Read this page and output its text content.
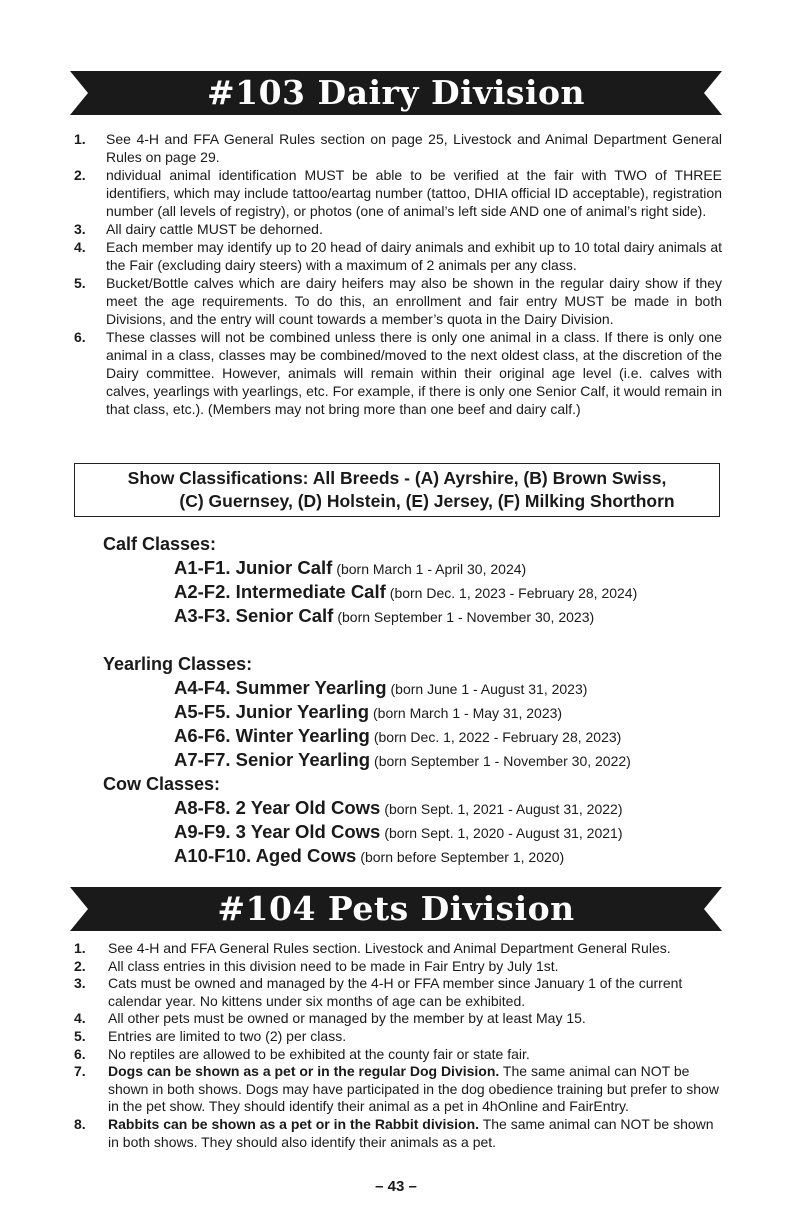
#103 Dairy Division
1. See 4-H and FFA General Rules section on page 25, Livestock and Animal Department General Rules on page 29.
2. ndividual animal identification MUST be able to be verified at the fair with TWO of THREE identifiers, which may include tattoo/eartag number (tattoo, DHIA official ID acceptable), registration number (all levels of registry), or photos (one of animal’s left side AND one of animal’s right side).
3. All dairy cattle MUST be dehorned.
4. Each member may identify up to 20 head of dairy animals and exhibit up to 10 total dairy animals at the Fair (excluding dairy steers) with a maximum of 2 animals per any class.
5. Bucket/Bottle calves which are dairy heifers may also be shown in the regular dairy show if they meet the age requirements. To do this, an enrollment and fair entry MUST be made in both Divisions, and the entry will count towards a member’s quota in the Dairy Division.
6. These classes will not be combined unless there is only one animal in a class. If there is only one animal in a class, classes may be combined/moved to the next oldest class, at the discretion of the Dairy committee. However, animals will remain within their original age level (i.e. calves with calves, yearlings with yearlings, etc. For example, if there is only one Senior Calf, it would remain in that class, etc.). (Members may not bring more than one beef and dairy calf.)
Show Classifications: All Breeds - (A) Ayrshire, (B) Brown Swiss,
(C) Guernsey, (D) Holstein, (E) Jersey, (F) Milking Shorthorn
Calf Classes:
A1-F1. Junior Calf (born March 1 - April 30, 2024)
A2-F2. Intermediate Calf (born Dec. 1, 2023 - February 28, 2024)
A3-F3. Senior Calf (born September 1 - November 30, 2023)
Yearling Classes:
A4-F4. Summer Yearling (born June 1 - August 31, 2023)
A5-F5. Junior Yearling (born March 1 - May 31, 2023)
A6-F6. Winter Yearling (born Dec. 1, 2022 - February 28, 2023)
A7-F7. Senior Yearling (born September 1 - November 30, 2022)
Cow Classes:
A8-F8. 2 Year Old Cows (born Sept. 1, 2021 - August 31, 2022)
A9-F9. 3 Year Old Cows (born Sept. 1, 2020 - August 31, 2021)
A10-F10. Aged Cows (born before September 1, 2020)
#104 Pets Division
1. See 4-H and FFA General Rules section. Livestock and Animal Department General Rules.
2. All class entries in this division need to be made in Fair Entry by July 1st.
3. Cats must be owned and managed by the 4-H or FFA member since January 1 of the current calendar year. No kittens under six months of age can be exhibited.
4. All other pets must be owned or managed by the member by at least May 15.
5. Entries are limited to two (2) per class.
6. No reptiles are allowed to be exhibited at the county fair or state fair.
7. Dogs can be shown as a pet or in the regular Dog Division. The same animal can NOT be shown in both shows. Dogs may have participated in the dog obedience training but prefer to show in the pet show. They should identify their animal as a pet in 4hOnline and FairEntry.
8. Rabbits can be shown as a pet or in the Rabbit division. The same animal can NOT be shown in both shows. They should also identify their animals as a pet.
– 43 –
